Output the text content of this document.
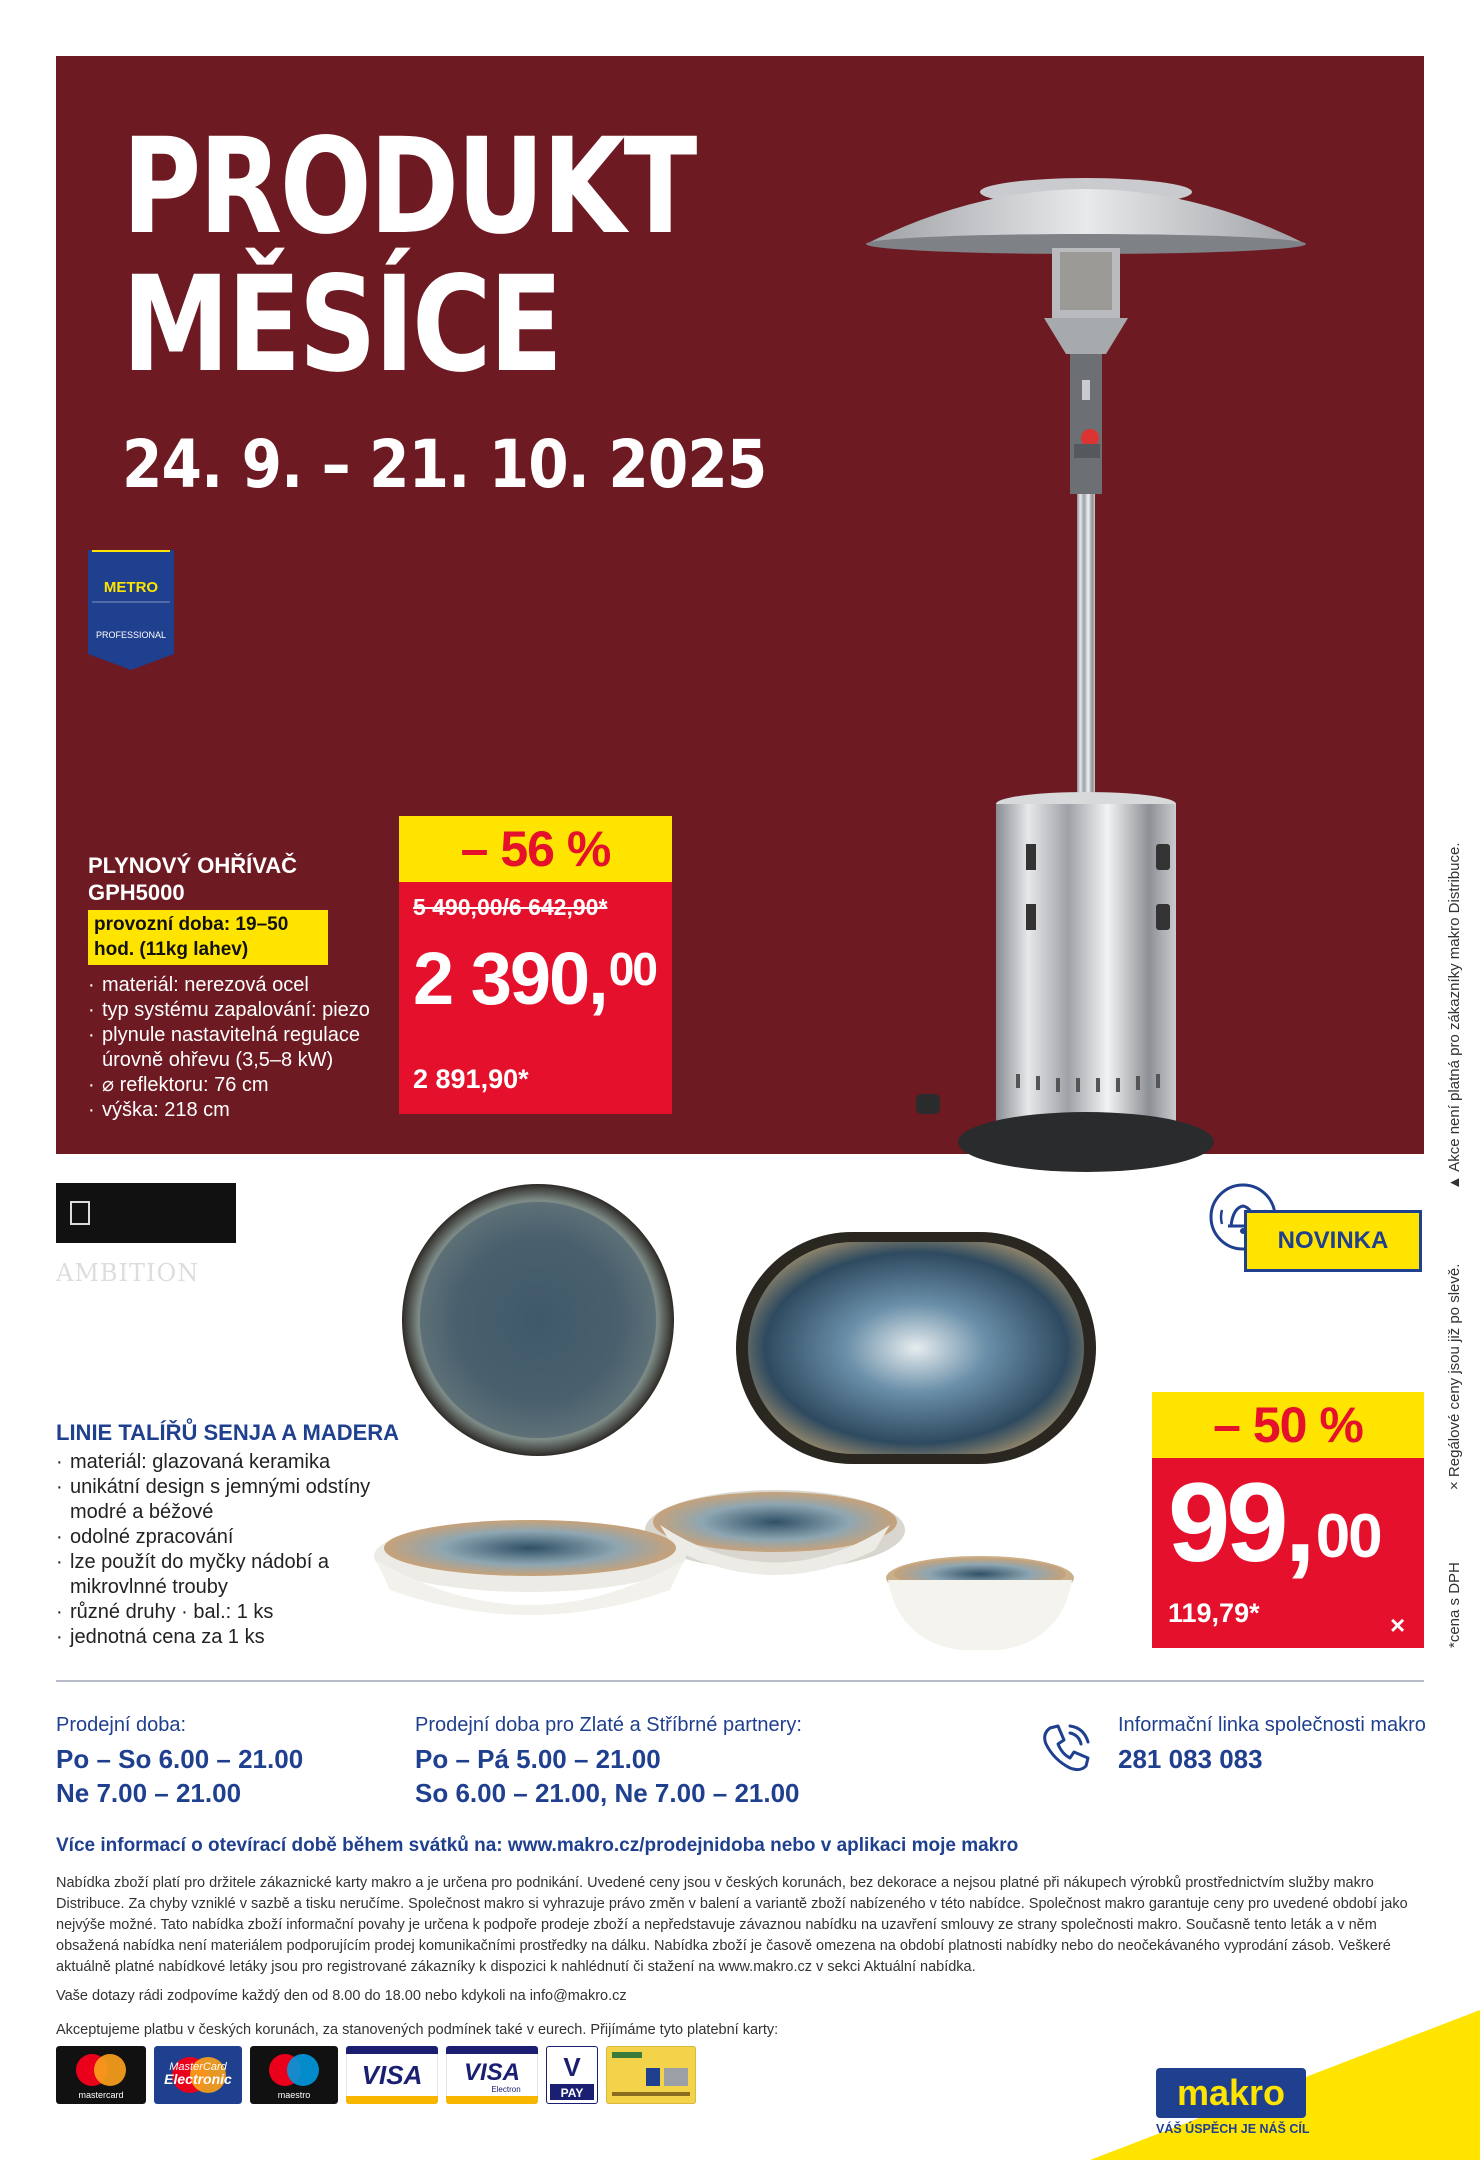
PRODUKT
MĚSÍCE
24. 9. – 21. 10. 2025
METRO
PROFESSIONAL
PLYNOVÝ OHŘÍVAČ GPH5000
provozní doba: 19–50 hod. (11kg lahev)
· materiál: nerezová ocel
· typ systému zapalování: piezo
· plynule nastavitelná regulace úrovně ohřevu (3,5–8 kW)
· ⌀ reflektoru: 76 cm
· výška: 218 cm
– 56 %
5 490,00/6 642,90*
2 390,00
2 891,90*	▲ Akce není platná pro zákazníky makro Distribuce.
× Regálové ceny jsou již po slevě.
*cena s DPH
AMBITION
NOVINKA
LINIE TALÍŘŮ SENJA A MADERA
· materiál: glazovaná keramika
· unikátní design s jemnými odstíny modré a béžové
· odolné zpracování
· lze použít do myčky nádobí a mikrovlnné trouby
· různé druhy · bal.: 1 ks
· jednotná cena za 1 ks
– 50 %
99,00
119,79*	×
Prodejní doba:
Po – So 6.00 – 21.00
Ne 7.00 – 21.00
Prodejní doba pro Zlaté a Stříbrné partnery:
Po – Pá 5.00 – 21.00
So 6.00 – 21.00, Ne 7.00 – 21.00
Informační linka společnosti makro
281 083 083
Více informací o otevírací době během svátků na: www.makro.cz/prodejnidoba nebo v aplikaci moje makro
Nabídka zboží platí pro držitele zákaznické karty makro a je určena pro podnikání. Uvedené ceny jsou v českých korunách, bez dekorace a nejsou platné při nákupech výrobků prostřednictvím služby makro Distribuce. Za chyby vzniklé v sazbě a tisku neručíme. Společnost makro si vyhrazuje právo změn v balení a variantě zboží nabízeného v této nabídce. Společnost makro garantuje ceny pro uvedené období jako nejvýše možné. Tato nabídka zboží informační povahy je určena k podpoře prodeje zboží a nepředstavuje závaznou nabídku na uzavření smlouvy ze strany společnosti makro. Současně tento leták a v něm obsažená nabídka není materiálem podporujícím prodej komunikačními prostředky na dálku. Nabídka zboží je časově omezena na období platnosti nabídky nebo do neočekávaného vyprodání zásob. Veškeré aktuálně platné nabídkové letáky jsou pro registrované zákazníky k dispozici k nahlédnutí či stažení na www.makro.cz v sekci Aktuální nabídka.
Vaše dotazy rádi zodpovíme každý den od 8.00 do 18.00 nebo kdykoli na info@makro.cz
Akceptujeme platbu v českých korunách, za stanovených podmínek také v eurech. Přijímáme tyto platební karty:
mastercard
MasterCard
Electronic
maestro
VISA VISA
Electron
V
PAY	makro
VÁŠ ÚSPĚCH JE NÁŠ CÍL
